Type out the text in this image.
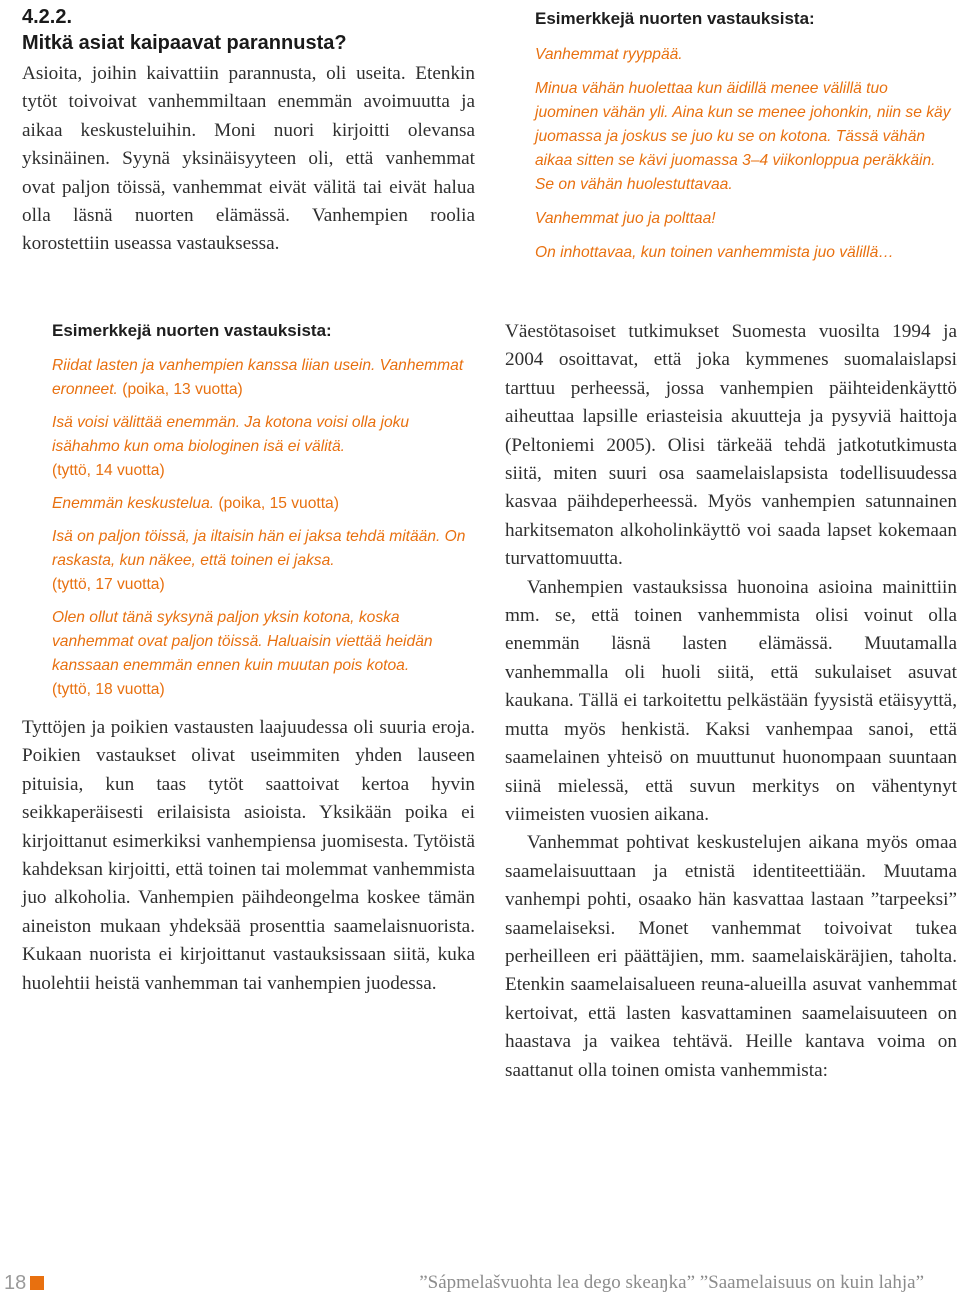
4.2.2.
Mitkä asiat kaipaavat parannusta?

Asioita, joihin kaivattiin parannusta, oli useita. Etenkin tytöt toivoivat vanhemmiltaan enemmän avoimuutta ja aikaa keskusteluihin. Moni nuori kirjoitti olevansa yksinäinen. Syynä yksinäisyyteen oli, että vanhemmat ovat paljon töissä, vanhemmat eivät välitä tai eivät halua olla läsnä nuorten elämässä. Vanhempien roolia korostettiin useassa vastauksessa.

Esimerkkejä nuorten vastauksista:

Riidat lasten ja vanhempien kanssa liian usein. Vanhemmat eronneet. (poika, 13 vuotta)

Isä voisi välittää enemmän. Ja kotona voisi olla joku isähahmo kun oma biologinen isä ei välitä.
(tyttö, 14 vuotta)

Enemmän keskustelua. (poika, 15 vuotta)

Isä on paljon töissä, ja iltaisin hän ei jaksa tehdä mitään. On raskasta, kun näkee, että toinen ei jaksa.
(tyttö, 17 vuotta)

Olen ollut tänä syksynä paljon yksin kotona, koska vanhemmat ovat paljon töissä. Haluaisin viettää heidän kanssaan enemmän ennen kuin muutan pois kotoa.
(tyttö, 18 vuotta)

Tyttöjen ja poikien vastausten laajuudessa oli suuria eroja. Poikien vastaukset olivat useimmiten yhden lauseen pituisia, kun taas tytöt saattoivat kertoa hyvin seikkaperäisesti erilaisista asioista. Yksikään poika ei kirjoittanut esimerkiksi vanhempiensa juomisesta. Tytöistä kahdeksan kirjoitti, että toinen tai molemmat vanhemmista juo alkoholia. Vanhempien päihdeongelma koskee tämän aineiston mukaan yhdeksää prosenttia saamelaisnuorista. Kukaan nuorista ei kirjoittanut vastauksissaan siitä, kuka huolehtii heistä vanhemman tai vanhempien juodessa.

Esimerkkejä nuorten vastauksista:

Vanhemmat ryyppää.

Minua vähän huolettaa kun äidillä menee välillä tuo juominen vähän yli. Aina kun se menee johonkin, niin se käy juomassa ja joskus se juo ku se on kotona. Tässä vähän aikaa sitten se kävi juomassa 3–4 viikonloppua peräkkäin. Se on vähän huolestuttavaa.

Vanhemmat juo ja polttaa!

On inhottavaa, kun toinen vanhemmista juo välillä…

Väestötasoiset tutkimukset Suomesta vuosilta 1994 ja 2004 osoittavat, että joka kymmenes suomalaislapsi tarttuu perheessä, jossa vanhempien päihteidenkäyttö aiheuttaa lapsille eriasteisia akuutteja ja pysyviä haittoja (Peltoniemi 2005). Olisi tärkeää tehdä jatkotutkimusta siitä, miten suuri osa saamelaislapsista todellisuudessa kasvaa päihdeperheessä. Myös vanhempien satunnainen harkitsematon alkoholinkäyttö voi saada lapset kokemaan turvattomuutta.

Vanhempien vastauksissa huonoina asioina mainittiin mm. se, että toinen vanhemmista olisi voinut olla enemmän läsnä lasten elämässä. Muutamalla vanhemmalla oli huoli siitä, että sukulaiset asuvat kaukana. Tällä ei tarkoitettu pelkästään fyysistä etäisyyttä, mutta myös henkistä. Kaksi vanhempaa sanoi, että saamelainen yhteisö on muuttunut huonompaan suuntaan siinä mielessä, että suvun merkitys on vähentynyt viimeisten vuosien aikana.

Vanhemmat pohtivat keskustelujen aikana myös omaa saamelaisuuttaan ja etnistä identiteettiään. Muutama vanhempi pohti, osaako hän kasvattaa lastaan ”tarpeeksi” saamelaiseksi. Monet vanhemmat toivoivat tukea perheilleen eri päättäjien, mm. saamelaiskäräjien, taholta. Etenkin saamelaisalueen reuna-alueilla asuvat vanhemmat kertoivat, että lasten kasvattaminen saamelaisuuteen on haastava ja vaikea tehtävä. Heille kantava voima on saattanut olla toinen omista vanhemmista:

18	”Sápmelašvuohta lea dego skeaŋka” ”Saamelaisuus on kuin lahja”
